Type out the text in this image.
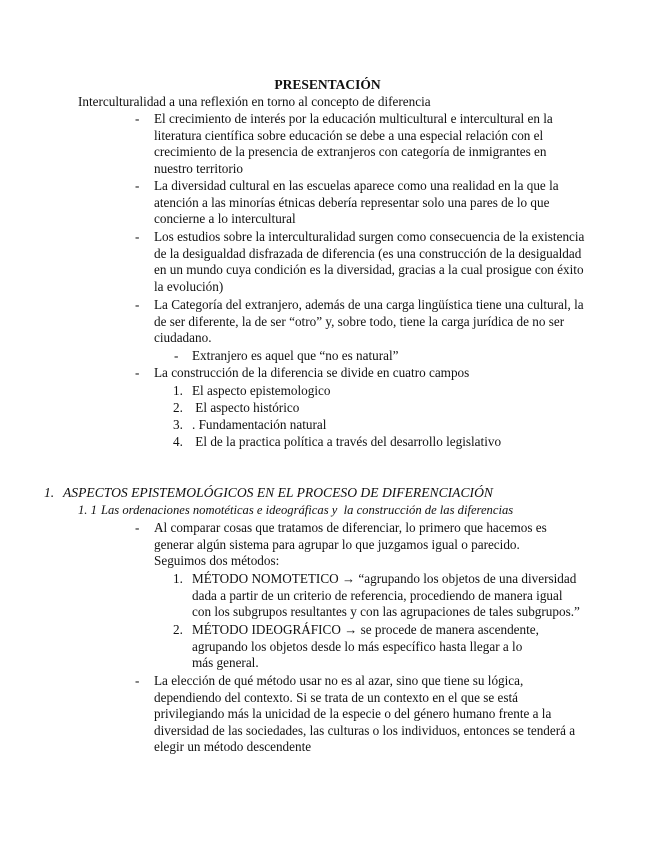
PRESENTACIÓN
Interculturalidad a una reflexión en torno al concepto de diferencia
- El crecimiento de interés por la educación multicultural e intercultural en la literatura científica sobre educación se debe a una especial relación con el crecimiento de la presencia de extranjeros con categoría de inmigrantes en nuestro territorio
- La diversidad cultural en las escuelas aparece como una realidad en la que la atención a las minorías étnicas debería representar solo una pares de lo que concierne a lo intercultural
- Los estudios sobre la interculturalidad surgen como consecuencia de la existencia de la desigualdad disfrazada de diferencia (es una construcción de la desigualdad en un mundo cuya condición es la diversidad, gracias a la cual prosigue con éxito la evolución)
- La Categoría del extranjero, además de una carga lingüística tiene una cultural, la de ser diferente, la de ser “otro” y, sobre todo, tiene la carga jurídica de no ser ciudadano.
- Extranjero es aquel que “no es natural”
- La construcción de la diferencia se divide en cuatro campos
1. El aspecto epistemologico
2. El aspecto histórico
3. . Fundamentación natural
4. El de la practica política a través del desarrollo legislativo
1. ASPECTOS EPISTEMOLÓGICOS EN EL PROCESO DE DIFERENCIACIÓN
1. 1 Las ordenaciones nomotéticas e ideográficas y  la construcción de las diferencias
- Al comparar cosas que tratamos de diferenciar, lo primero que hacemos es generar algún sistema para agrupar lo que juzgamos igual o parecido. Seguimos dos métodos:
1. MÉTODO NOMOTETICO → “agrupando los objetos de una diversidad dada a partir de un criterio de referencia, procediendo de manera igual con los subgrupos resultantes y con las agrupaciones de tales subgrupos.”
2. MÉTODO IDEOGRÁFICO → se procede de manera ascendente, agrupando los objetos desde lo más específico hasta llegar a lo más general.
- La elección de qué método usar no es al azar, sino que tiene su lógica, dependiendo del contexto. Si se trata de un contexto en el que se está privilegiando más la unicidad de la especie o del género humano frente a la diversidad de las sociedades, las culturas o los individuos, entonces se tenderá a elegir un método descendente
